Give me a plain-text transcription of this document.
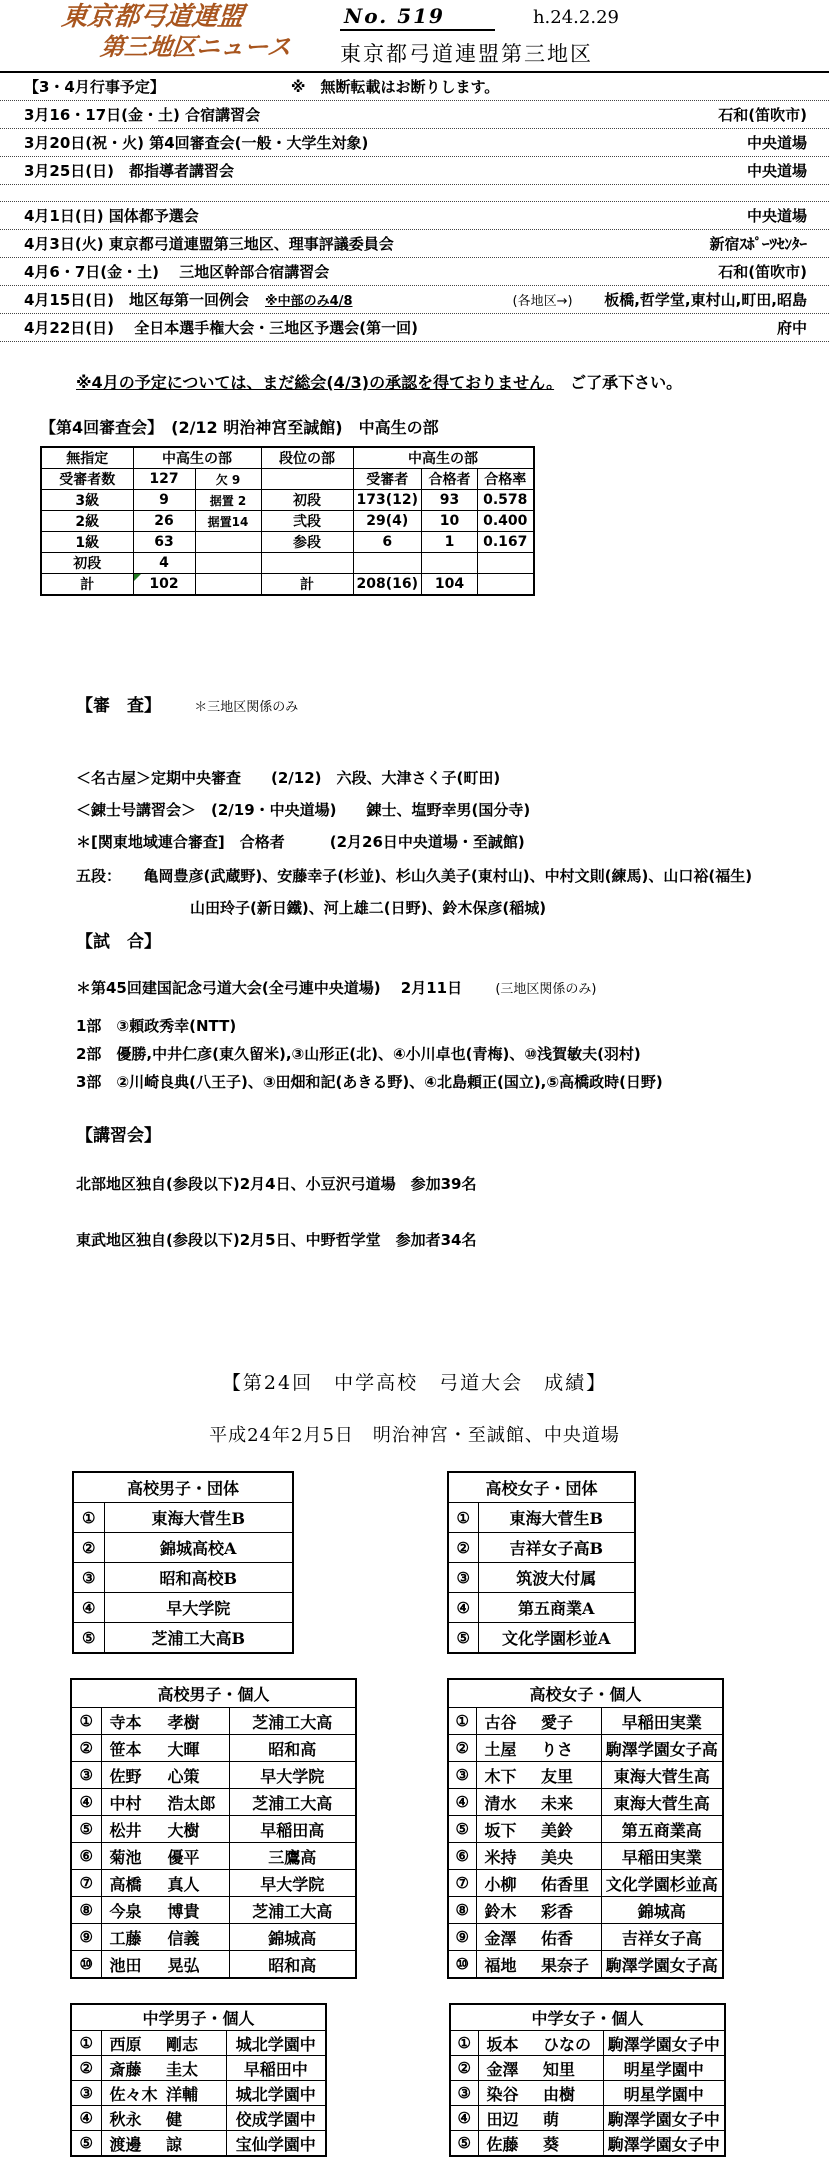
東京都弓道連盟
第三地区ニュース
No. 519	h.24.2.29
東京都弓道連盟第三地区
【3・4月行事予定】	※　無断転載はお断りします。
3月16・17日(金・土) 合宿講習会	石和(笛吹市)
3月20日(祝・火) 第4回審査会(一般・大学生対象)	中央道場
3月25日(日)　都指導者講習会	中央道場
4月1日(日) 国体都予選会	中央道場
4月3日(火) 東京都弓道連盟第三地区、理事評議委員会	新宿ｽﾎﾟｰﾂｾﾝﾀｰ
4月6・7日(金・土)　 三地区幹部合宿講習会	石和(笛吹市)
4月15日(日)　地区毎第一回例会 ※中部のみ4/8	(各地区→) 板橋,哲学堂,東村山,町田,昭島
4月22日(日)　 全日本選手権大会・三地区予選会(第一回)	府中
※4月の予定については、まだ総会(4/3)の承認を得ておりません。　ご了承下さい。
【第4回審査会】　(2/12 明治神宮至誠館)　中高生の部
無指定	中高生の部		段位の部	中高生の部		
受審者数	127	欠 9		受審者	合格者	合格率
3級	9	据置 2	初段	173(12)	93	0.578
2級	26	据置14	弐段	29(4)	10	0.400
1級	63		参段	6	1	0.167
初段	4					
計	102		計	208(16)	104	
【審　査】	＊三地区関係のみ
＜名古屋＞定期中央審査　　(2/12)　六段、大津さく子(町田)
＜錬士号講習会＞　(2/19・中央道場)　　錬士、塩野幸男(国分寺)
＊[関東地域連合審査]　合格者　　　(2月26日中央道場・至誠館)
五段：　　亀岡豊彦(武蔵野)、安藤幸子(杉並)、杉山久美子(東村山)、中村文則(練馬)、山口裕(福生)
山田玲子(新日鐵)、河上雄二(日野)、鈴木保彦(稲城)
【試　合】
＊第45回建国記念弓道大会(全弓連中央道場)　 2月11日	(三地区関係のみ)
1部　③頼政秀幸(NTT)
2部　優勝,中井仁彦(東久留米),③山形正(北)、④小川卓也(青梅)、⑩浅賀敏夫(羽村)
3部　②川崎良典(八王子)、③田畑和記(あきる野)、④北島頼正(国立),⑤高橋政時(日野)
【講習会】
北部地区独自(参段以下)2月4日、小豆沢弓道場　参加39名
東武地区独自(参段以下)2月5日、中野哲学堂　参加者34名
【第24回　中学高校　弓道大会　成績】
平成24年2月5日　明治神宮・至誠館、中央道場
高校男子・団体	
①	東海大菅生B
②	錦城高校A
③	昭和高校B
④	早大学院
⑤	芝浦工大高B
高校女子・団体	
①	東海大菅生B
②	吉祥女子高B
③	筑波大付属
④	第五商業A
⑤	文化学園杉並A
高校男子・個人		
①	寺本 孝樹	芝浦工大高
②	笹本 大暉	昭和高
③	佐野 心策	早大学院
④	中村 浩太郎	芝浦工大高
⑤	松井 大樹	早稲田高
⑥	菊池 優平	三鷹高
⑦	高橋 真人	早大学院
⑧	今泉 博貴	芝浦工大高
⑨	工藤 信義	錦城高
⑩	池田 晃弘	昭和高
高校女子・個人		
①	古谷 愛子	早稲田実業
②	土屋 りさ	駒澤学園女子高
③	木下 友里	東海大菅生高
④	清水 未来	東海大菅生高
⑤	坂下 美鈴	第五商業高
⑥	米持 美央	早稲田実業
⑦	小柳 佑香里	文化学園杉並高
⑧	鈴木 彩香	錦城高
⑨	金澤 佑香	吉祥女子高
⑩	福地 果奈子	駒澤学園女子高
中学男子・個人		
①	西原 剛志	城北学園中
②	斎藤 圭太	早稲田中
③	佐々木 洋輔	城北学園中
④	秋永 健	佼成学園中
⑤	渡邊 諒	宝仙学園中
中学女子・個人		
①	坂本 ひなの	駒澤学園女子中
②	金澤 知里	明星学園中
③	染谷 由樹	明星学園中
④	田辺 萌	駒澤学園女子中
⑤	佐藤 葵	駒澤学園女子中
